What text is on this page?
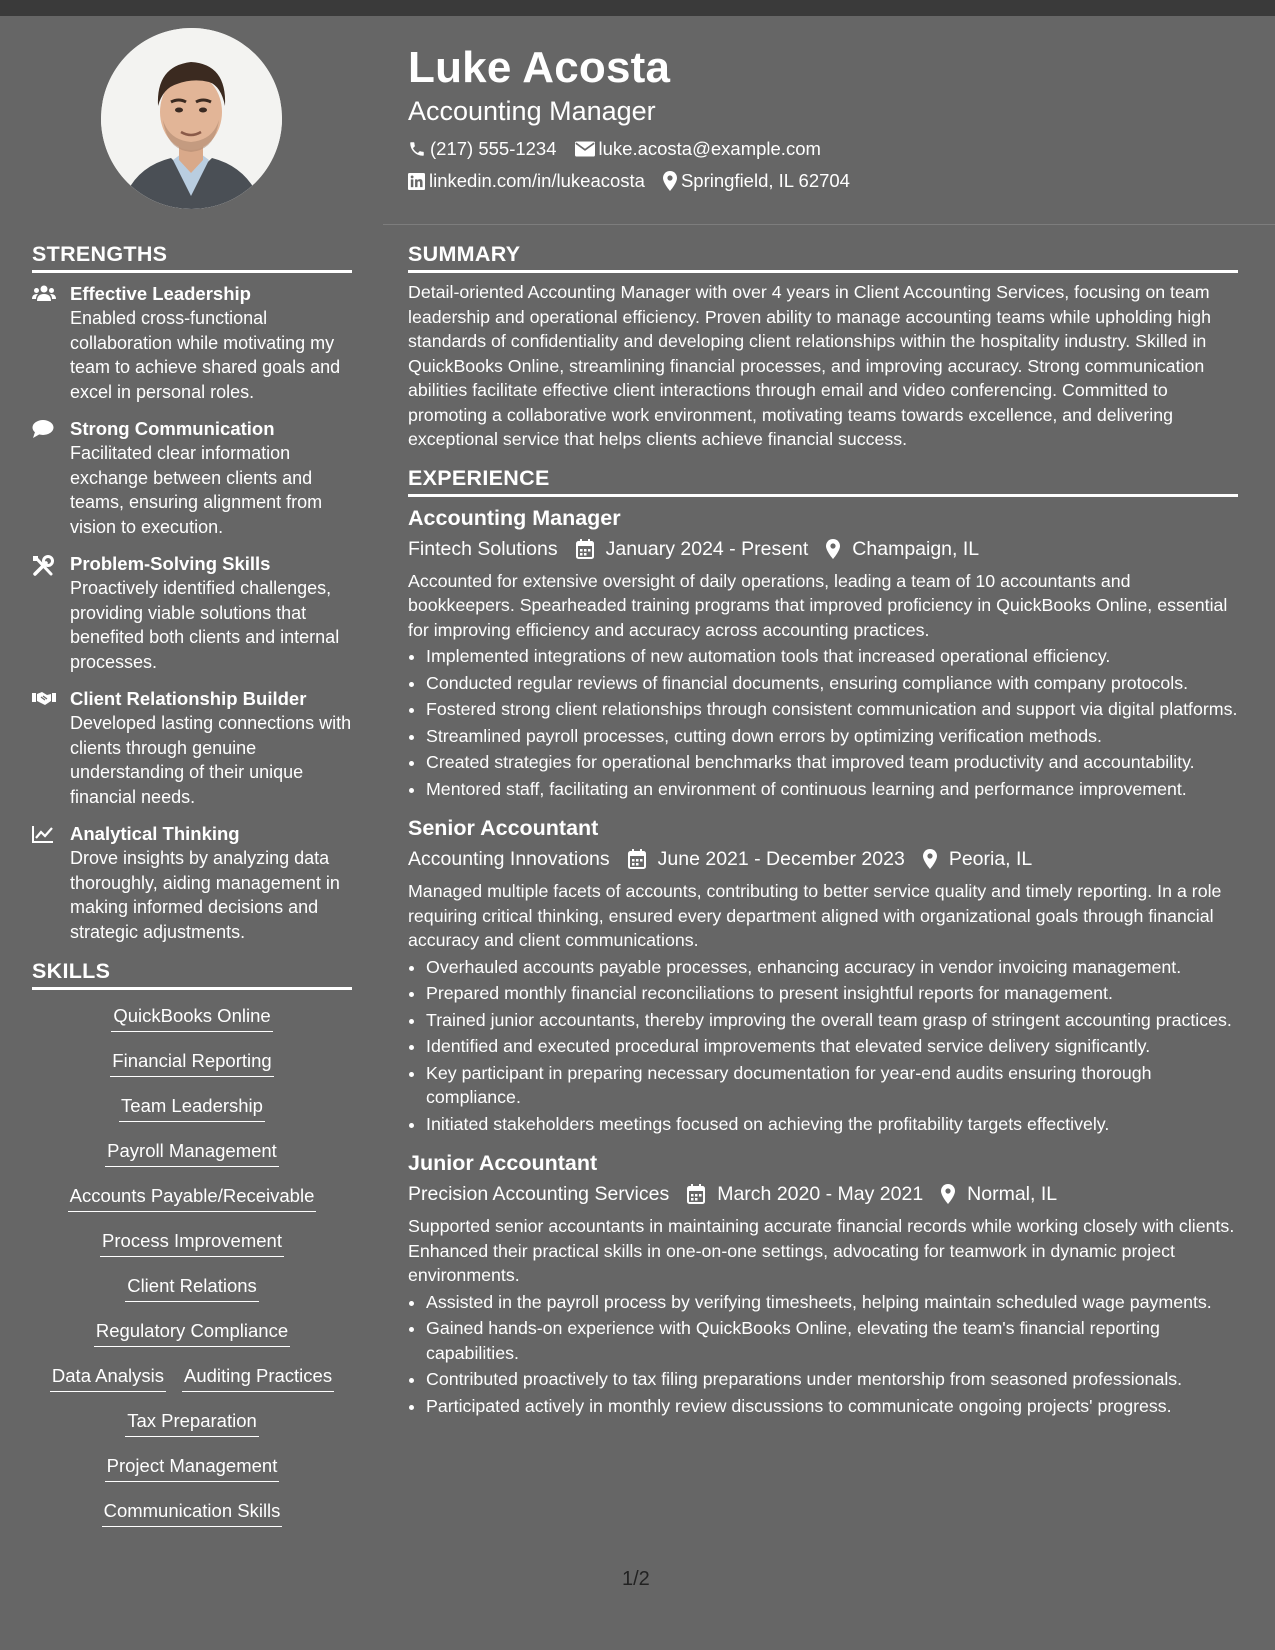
Luke Acosta
Accounting Manager
(217) 555-1234 luke.acosta@example.com
linkedin.com/in/lukeacosta Springfield, IL 62704
STRENGTHS
Effective Leadership
Enabled cross-functional collaboration while motivating my team to achieve shared goals and excel in personal roles.
Strong Communication
Facilitated clear information exchange between clients and teams, ensuring alignment from vision to execution.
Problem-Solving Skills
Proactively identified challenges, providing viable solutions that benefited both clients and internal processes.
Client Relationship Builder
Developed lasting connections with clients through genuine understanding of their unique financial needs.
Analytical Thinking
Drove insights by analyzing data thoroughly, aiding management in making informed decisions and strategic adjustments.
SKILLS
QuickBooks Online
Financial Reporting
Team Leadership
Payroll Management
Accounts Payable/Receivable
Process Improvement
Client Relations
Regulatory Compliance
Data Analysis Auditing Practices
Tax Preparation
Project Management
Communication Skills
SUMMARY
Detail-oriented Accounting Manager with over 4 years in Client Accounting Services, focusing on team leadership and operational efficiency. Proven ability to manage accounting teams while upholding high standards of confidentiality and developing client relationships within the hospitality industry. Skilled in QuickBooks Online, streamlining financial processes, and improving accuracy. Strong communication abilities facilitate effective client interactions through email and video conferencing. Committed to promoting a collaborative work environment, motivating teams towards excellence, and delivering exceptional service that helps clients achieve financial success.
EXPERIENCE
Accounting Manager
Fintech Solutions January 2024 - Present Champaign, IL
Accounted for extensive oversight of daily operations, leading a team of 10 accountants and bookkeepers. Spearheaded training programs that improved proficiency in QuickBooks Online, essential for improving efficiency and accuracy across accounting practices.
• Implemented integrations of new automation tools that increased operational efficiency.
• Conducted regular reviews of financial documents, ensuring compliance with company protocols.
• Fostered strong client relationships through consistent communication and support via digital platforms.
• Streamlined payroll processes, cutting down errors by optimizing verification methods.
• Created strategies for operational benchmarks that improved team productivity and accountability.
• Mentored staff, facilitating an environment of continuous learning and performance improvement.
Senior Accountant
Accounting Innovations June 2021 - December 2023 Peoria, IL
Managed multiple facets of accounts, contributing to better service quality and timely reporting. In a role requiring critical thinking, ensured every department aligned with organizational goals through financial accuracy and client communications.
• Overhauled accounts payable processes, enhancing accuracy in vendor invoicing management.
• Prepared monthly financial reconciliations to present insightful reports for management.
• Trained junior accountants, thereby improving the overall team grasp of stringent accounting practices.
• Identified and executed procedural improvements that elevated service delivery significantly.
• Key participant in preparing necessary documentation for year-end audits ensuring thorough compliance.
• Initiated stakeholders meetings focused on achieving the profitability targets effectively.
Junior Accountant
Precision Accounting Services March 2020 - May 2021 Normal, IL
Supported senior accountants in maintaining accurate financial records while working closely with clients. Enhanced their practical skills in one-on-one settings, advocating for teamwork in dynamic project environments.
• Assisted in the payroll process by verifying timesheets, helping maintain scheduled wage payments.
• Gained hands-on experience with QuickBooks Online, elevating the team's financial reporting capabilities.
• Contributed proactively to tax filing preparations under mentorship from seasoned professionals.
• Participated actively in monthly review discussions to communicate ongoing projects' progress.
1/2
